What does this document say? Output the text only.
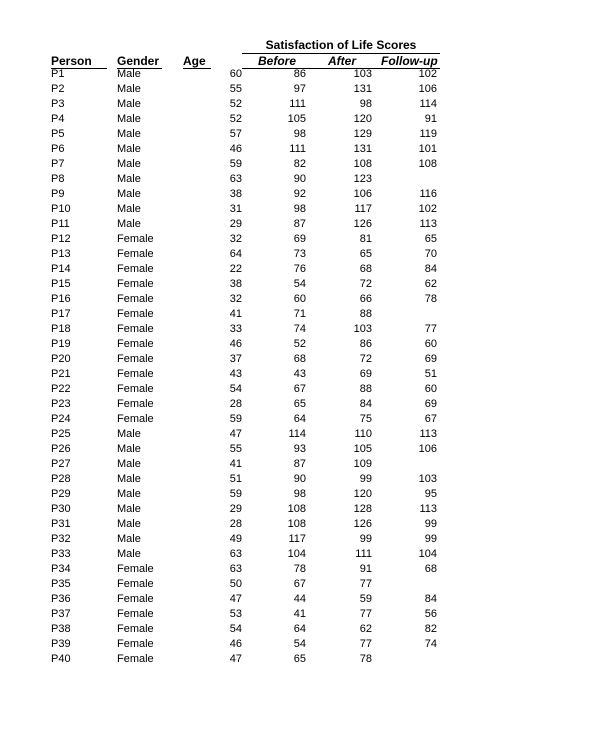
Satisfaction of Life Scores
Person Gender Age	Before	After Follow-up
P1	Male	60	86	103	102
P2	Male	55	97	131	106
P3	Male	52	111	98	114
P4	Male	52	105	120	91
P5	Male	57	98	129	119
P6	Male	46	111	131	101
P7	Male	59	82	108	108
P8	Male	63	90	123
P9	Male	38	92	106	116
P10	Male	31	98	117	102
P11	Male	29	87	126	113
P12	Female	32	69	81	65
P13	Female	64	73	65	70
P14	Female	22	76	68	84
P15	Female	38	54	72	62
P16	Female	32	60	66	78
P17	Female	41	71	88
P18	Female	33	74	103	77
P19	Female	46	52	86	60
P20	Female	37	68	72	69
P21	Female	43	43	69	51
P22	Female	54	67	88	60
P23	Female	28	65	84	69
P24	Female	59	64	75	67
P25	Male	47	114	110	113
P26	Male	55	93	105	106
P27	Male	41	87	109
P28	Male	51	90	99	103
P29	Male	59	98	120	95
P30	Male	29	108	128	113
P31	Male	28	108	126	99
P32	Male	49	117	99	99
P33	Male	63	104	111	104
P34	Female	63	78	91	68
P35	Female	50	67	77
P36	Female	47	44	59	84
P37	Female	53	41	77	56
P38	Female	54	64	62	82
P39	Female	46	54	77	74
P40	Female	47	65	78
